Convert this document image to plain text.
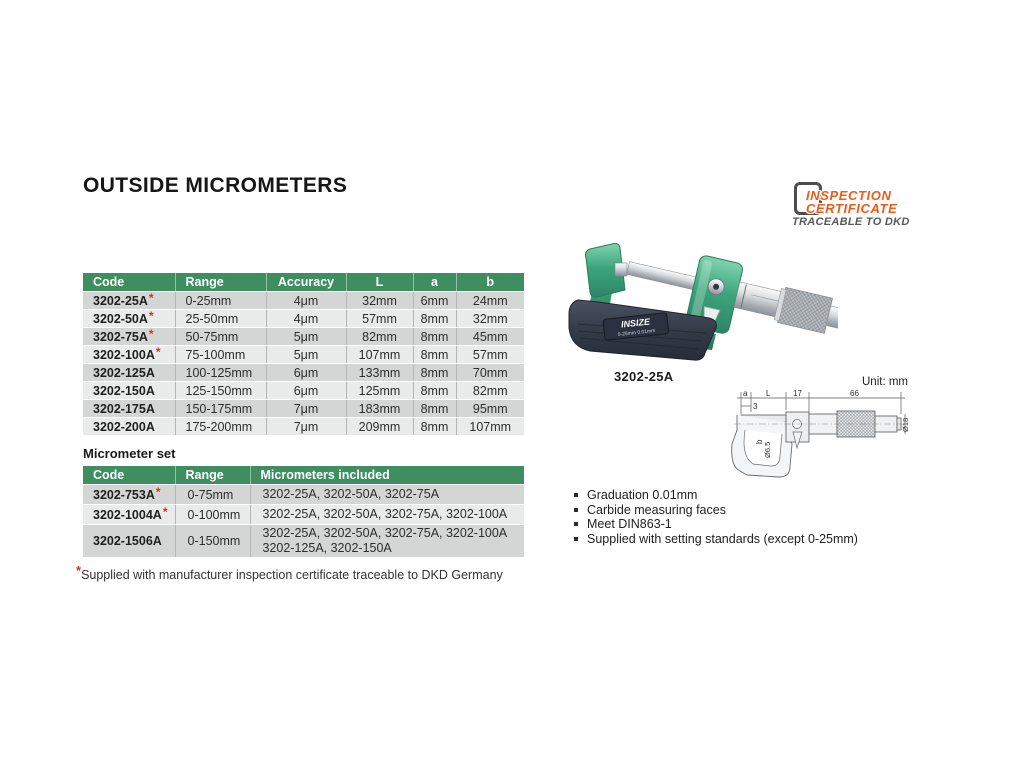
OUTSIDE MICROMETERS	INSPECTION
CERTIFICATE
TRACEABLE TO DKD
Code	Range	Accuracy	L	a	b
3202-25A*	0-25mm	4μm	32mm	6mm	24mm
3202-50A*	25-50mm	4μm	57mm	8mm	32mm
3202-75A*	50-75mm	5μm	82mm	8mm	45mm
3202-100A*	75-100mm	5μm	107mm	8mm	57mm
3202-125A	100-125mm	6μm	133mm	8mm	70mm
3202-150A	125-150mm	6μm	125mm	8mm	82mm
3202-175A	150-175mm	7μm	183mm	8mm	95mm
3202-200A	175-200mm	7μm	209mm	8mm	107mm
Micrometer set
Code	Range	Micrometers included
3202-753A*	0-75mm	3202-25A, 3202-50A, 3202-75A

3202-1004A*	0-100mm	3202-25A, 3202-50A, 3202-75A, 3202-100A

3202-1506A	0-150mm	3202-25A, 3202-50A, 3202-75A, 3202-100A
3202-125A, 3202-150A
*Supplied with manufacturer inspection certificate traceable to DKD Germany
INSIZE
0-25mm 0.01mm
3202-25A	Unit: mm
a L	17	66
3
b Ø6.5
Ø18
Graduation 0.01mm
Carbide measuring faces
Meet DIN863-1
Supplied with setting standards (except 0-25mm)
